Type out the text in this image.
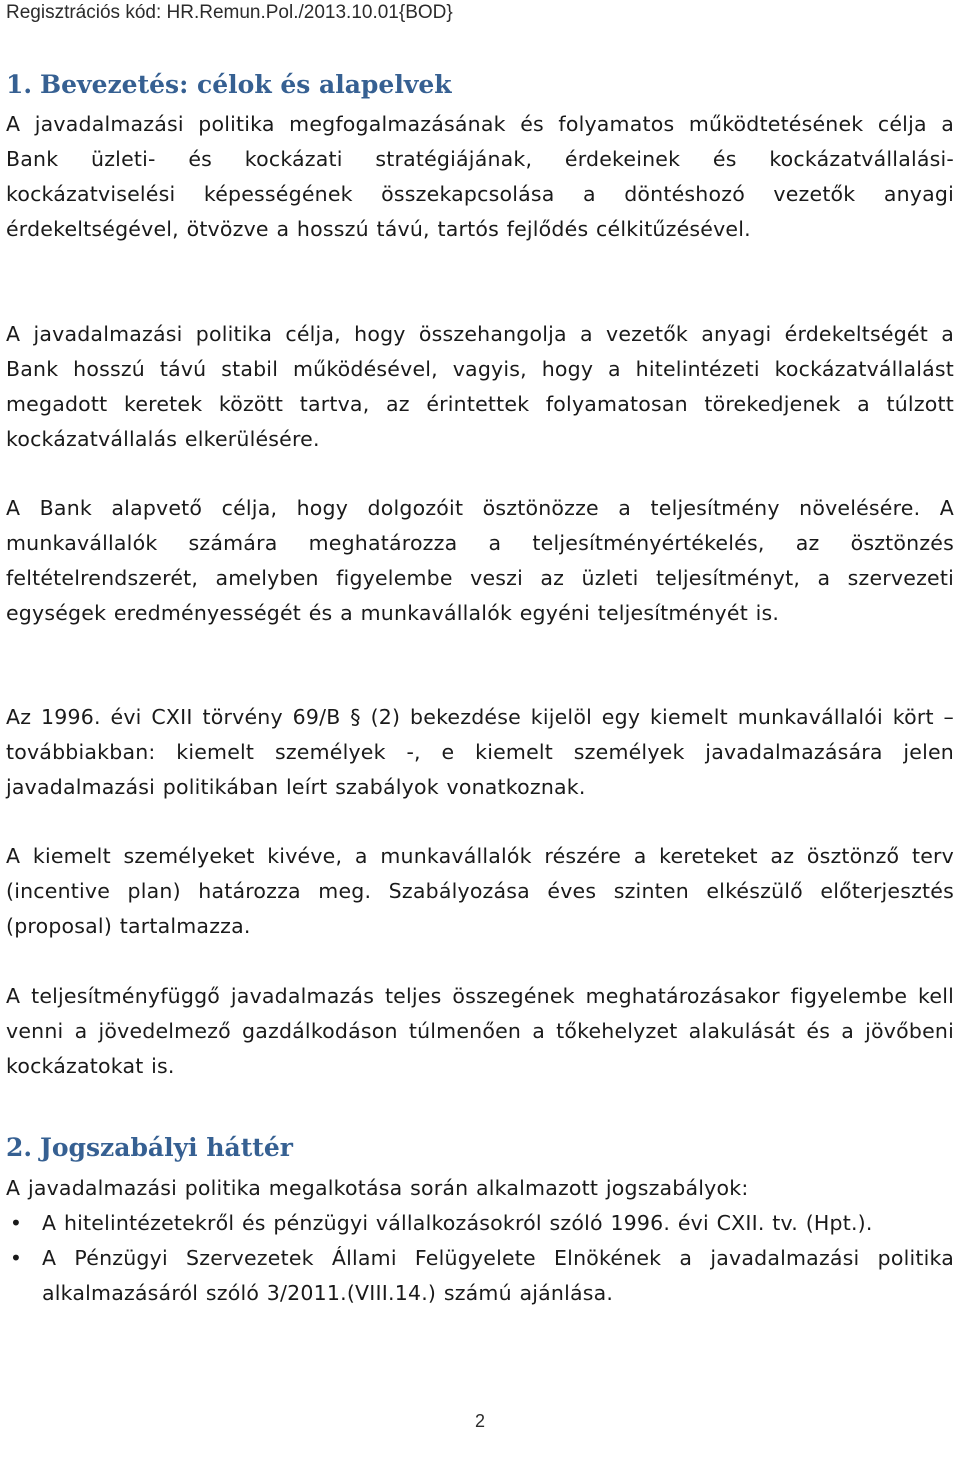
Regisztrációs kód: HR.Remun.Pol./2013.10.01{BOD}
1. Bevezetés: célok és alapelvek
A javadalmazási politika megfogalmazásának és folyamatos működtetésének célja a Bank üzleti- és kockázati stratégiájának, érdekeinek és kockázatvállalási- kockázatviselési képességének összekapcsolása a döntéshozó vezetők anyagi érdekeltségével, ötvözve a hosszú távú, tartós fejlődés célkitűzésével.
A javadalmazási politika célja, hogy összehangolja a vezetők anyagi érdekeltségét a Bank hosszú távú stabil működésével, vagyis, hogy a hitelintézeti kockázatvállalást megadott keretek között tartva, az érintettek folyamatosan törekedjenek a túlzott kockázatvállalás elkerülésére.
A Bank alapvető célja, hogy dolgozóit ösztönözze a teljesítmény növelésére. A munkavállalók számára meghatározza a teljesítményértékelés, az ösztönzés feltételrendszerét, amelyben figyelembe veszi az üzleti teljesítményt, a szervezeti egységek eredményességét és a munkavállalók egyéni teljesítményét is.
Az 1996. évi CXII törvény 69/B § (2) bekezdése kijelöl egy kiemelt munkavállalói kört – továbbiakban: kiemelt személyek -, e kiemelt személyek javadalmazására jelen javadalmazási politikában leírt szabályok vonatkoznak.
A kiemelt személyeket kivéve, a munkavállalók részére a kereteket az ösztönző terv (incentive plan) határozza meg. Szabályozása éves szinten elkészülő előterjesztés (proposal) tartalmazza.
A teljesítményfüggő javadalmazás teljes összegének meghatározásakor figyelembe kell venni a jövedelmező gazdálkodáson túlmenően a tőkehelyzet alakulását és a jövőbeni kockázatokat is.
2. Jogszabályi háttér
A javadalmazási politika megalkotása során alkalmazott jogszabályok:
• A hitelintézetekről és pénzügyi vállalkozásokról szóló 1996. évi CXII. tv. (Hpt.).
• A Pénzügyi Szervezetek Állami Felügyelete Elnökének a javadalmazási politika alkalmazásáról szóló 3/2011.(VIII.14.) számú ajánlása.
2
